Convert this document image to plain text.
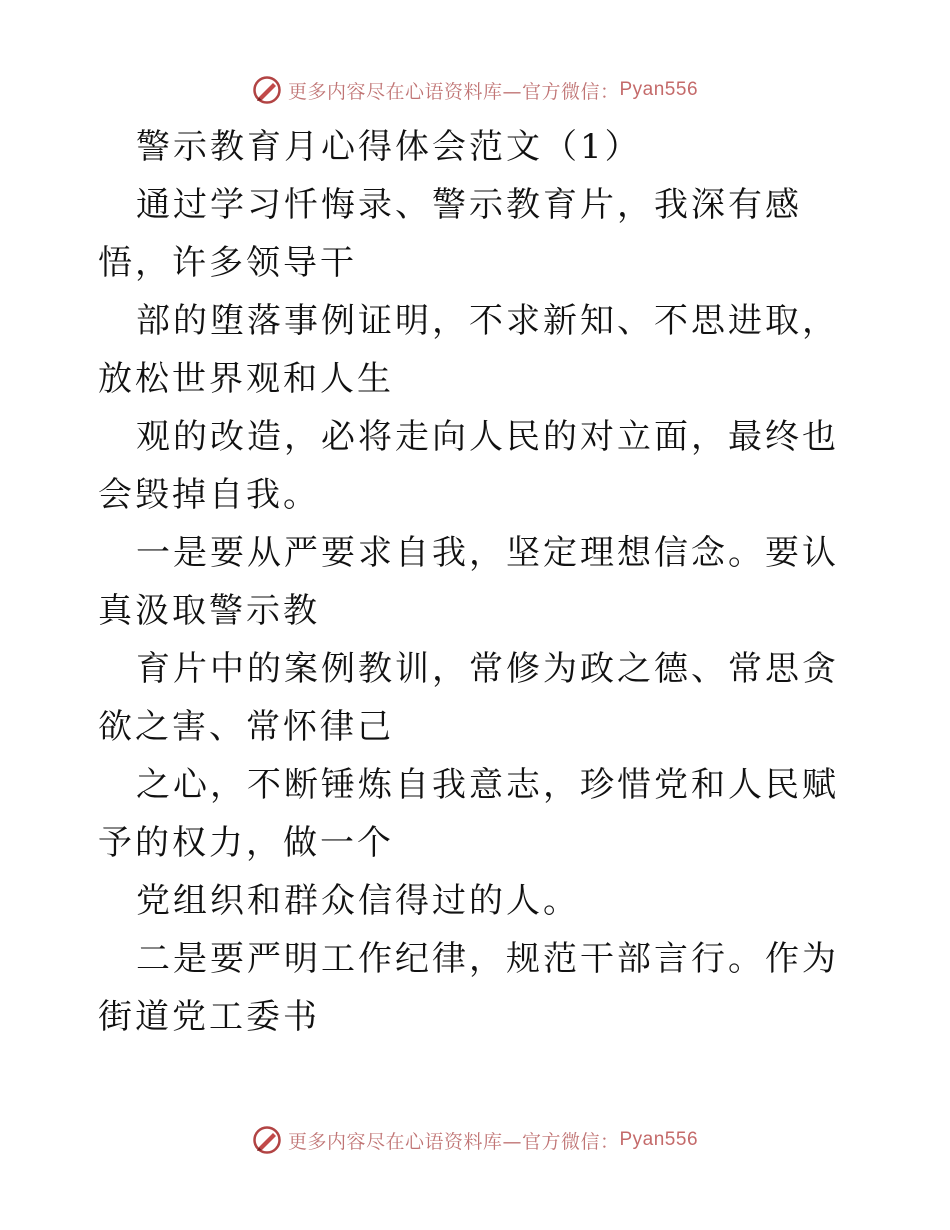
更多内容尽在心语资料库—官方微信： Pyan556

警示教育月心得体会范文（1）

通过学习忏悔录、警示教育片，我深有感悟，许多领导干

部的堕落事例证明，不求新知、不思进取，放松世界观和人生

观的改造，必将走向人民的对立面，最终也会毁掉自我。

一是要从严要求自我，坚定理想信念。要认真汲取警示教

育片中的案例教训，常修为政之德、常思贪欲之害、常怀律己

之心，不断锤炼自我意志，珍惜党和人民赋予的权力，做一个

党组织和群众信得过的人。

二是要严明工作纪律，规范干部言行。作为街道党工委书

更多内容尽在心语资料库—官方微信： Pyan556
